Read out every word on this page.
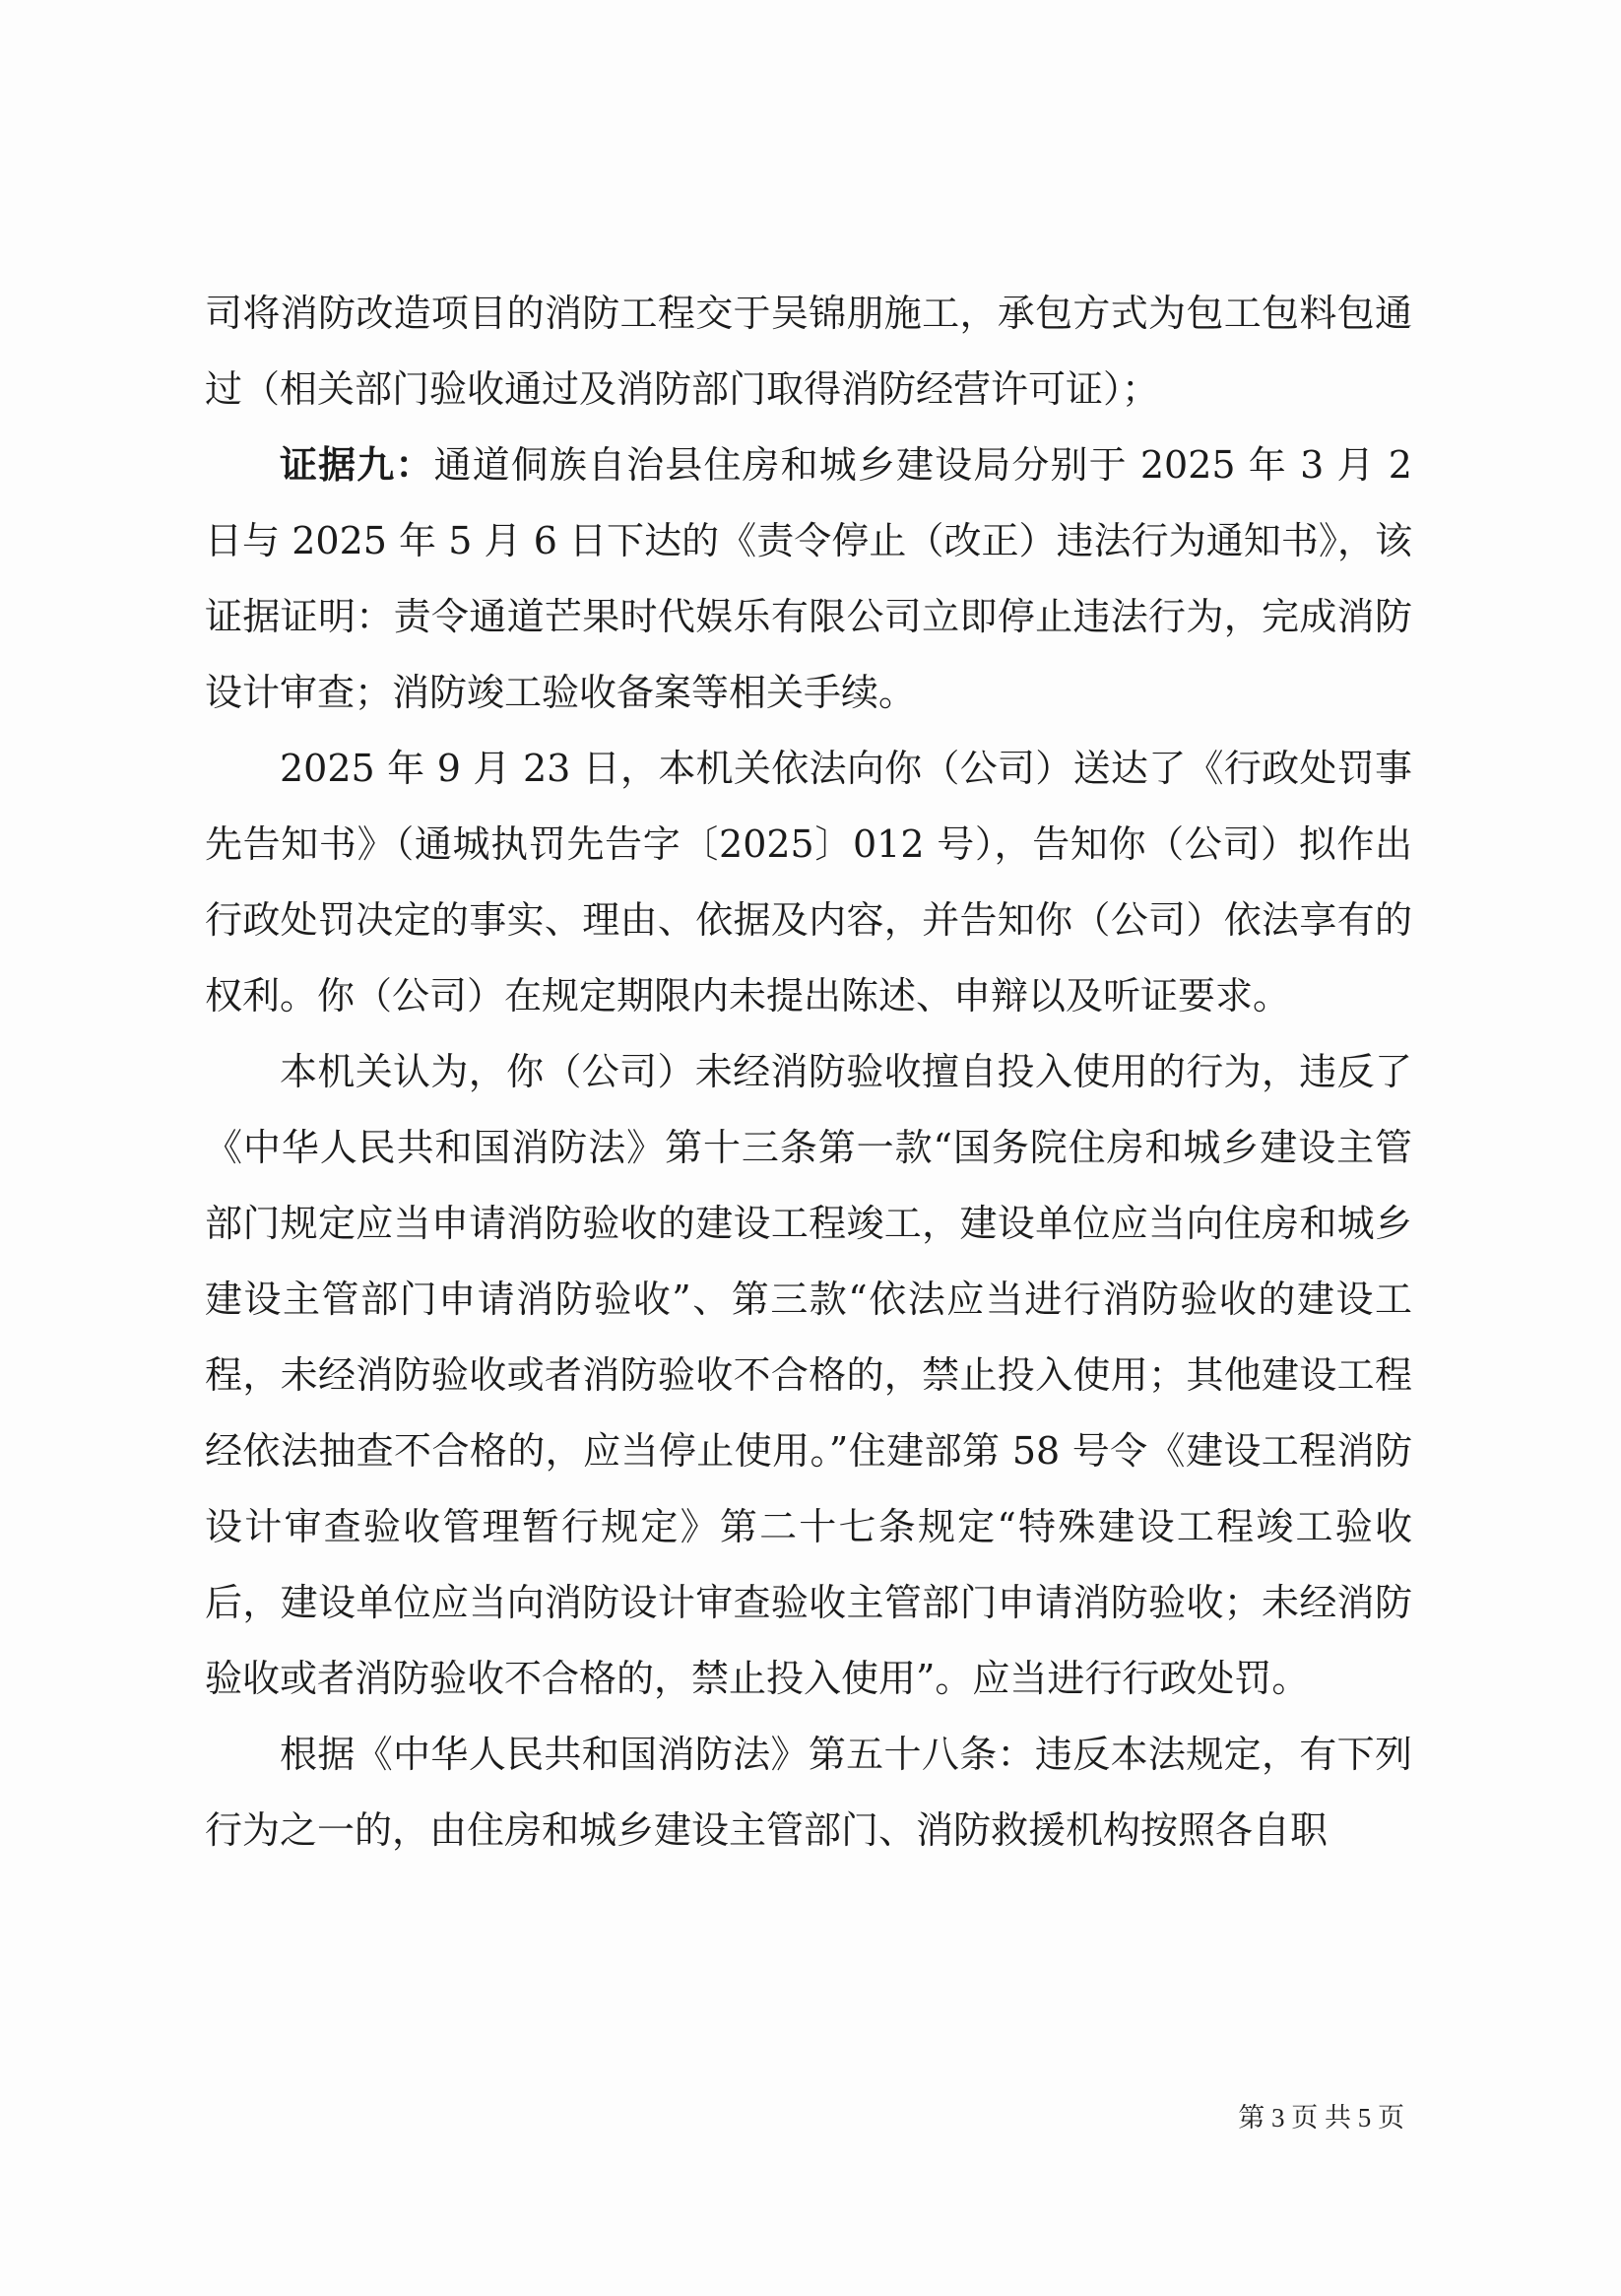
司将消防改造项目的消防工程交于吴锦朋施工，承包方式为包工包料包通过（相关部门验收通过及消防部门取得消防经营许可证）；

证据九：通道侗族自治县住房和城乡建设局分别于 2025 年 3 月 2 日与 2025 年 5 月 6 日下达的《责令停止（改正）违法行为通知书》，该证据证明：责令通道芒果时代娱乐有限公司立即停止违法行为，完成消防设计审查；消防竣工验收备案等相关手续。

2025 年 9 月 23 日，本机关依法向你（公司）送达了《行政处罚事先告知书》（通城执罚先告字〔2025〕012 号），告知你（公司）拟作出行政处罚决定的事实、理由、依据及内容，并告知你（公司）依法享有的权利。你（公司）在规定期限内未提出陈述、申辩以及听证要求。

本机关认为，你（公司）未经消防验收擅自投入使用的行为，违反了《中华人民共和国消防法》第十三条第一款“国务院住房和城乡建设主管部门规定应当申请消防验收的建设工程竣工，建设单位应当向住房和城乡建设主管部门申请消防验收”、第三款“依法应当进行消防验收的建设工程，未经消防验收或者消防验收不合格的，禁止投入使用；其他建设工程经依法抽查不合格的，应当停止使用。”住建部第 58 号令《建设工程消防设计审查验收管理暂行规定》第二十七条规定“特殊建设工程竣工验收后，建设单位应当向消防设计审查验收主管部门申请消防验收；未经消防验收或者消防验收不合格的，禁止投入使用”。应当进行行政处罚。

根据《中华人民共和国消防法》第五十八条：违反本法规定，有下列行为之一的，由住房和城乡建设主管部门、消防救援机构按照各自职

第 3 页 共 5 页
